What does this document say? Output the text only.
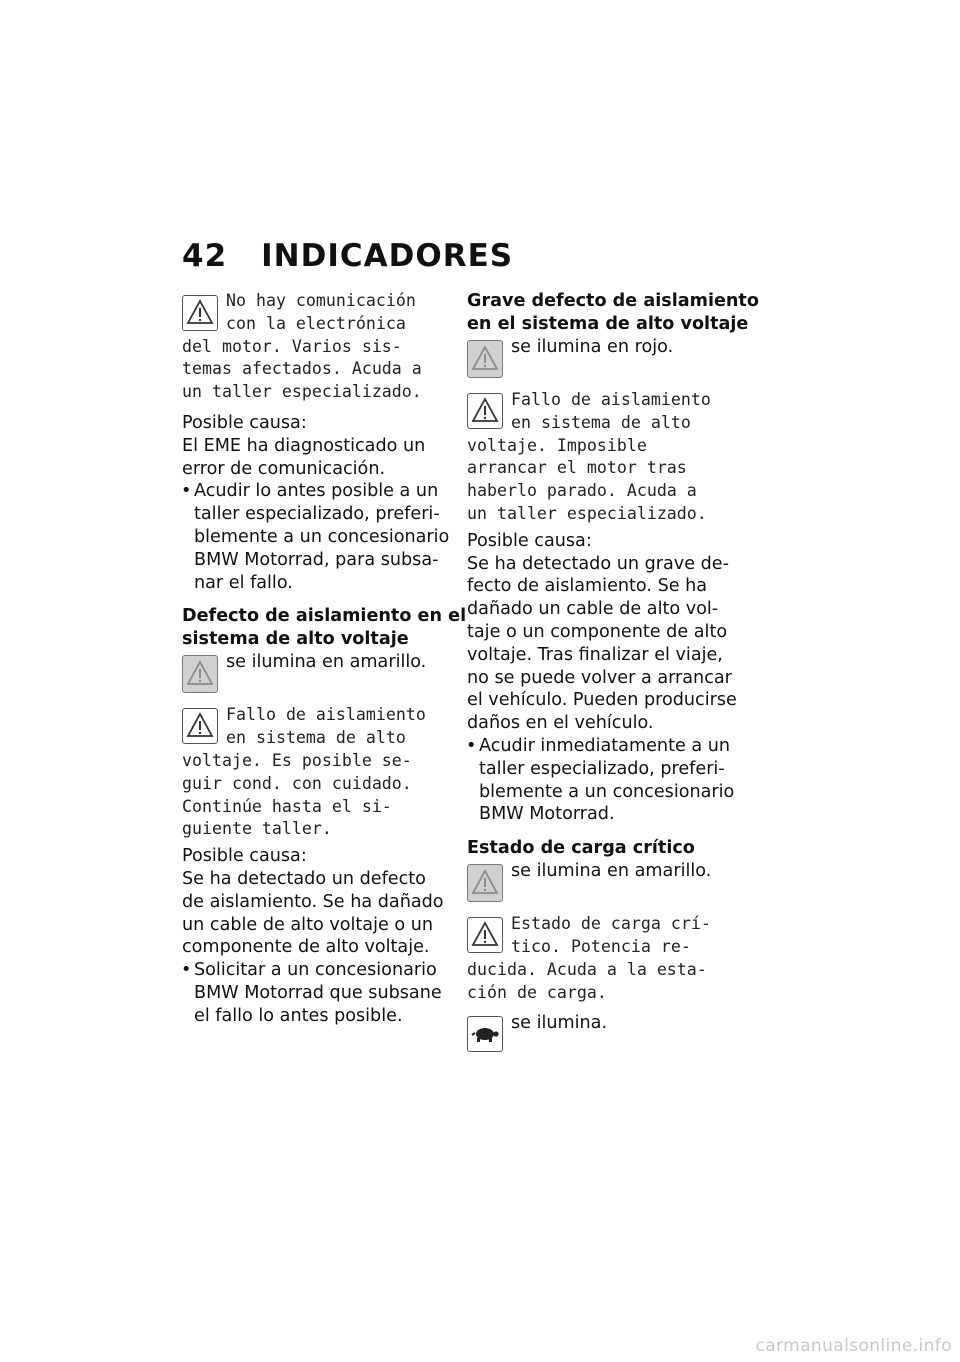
42 INDICADORES
No hay comunicación
con la electrónica
del motor. Varios sis-
temas afectados. Acuda a
un taller especializado.
Posible causa:
El EME ha diagnosticado un
error de comunicación.
• Acudir lo antes posible a un
taller especializado, preferi-
blemente a un concesionario
BMW Motorrad, para subsa-
nar el fallo.
Defecto de aislamiento en el
sistema de alto voltaje
se ilumina en amarillo.
Fallo de aislamiento
en sistema de alto
voltaje. Es posible se-
guir cond. con cuidado.
Continúe hasta el si-
guiente taller.
Posible causa:
Se ha detectado un defecto
de aislamiento. Se ha dañado
un cable de alto voltaje o un
componente de alto voltaje.
• Solicitar a un concesionario
BMW Motorrad que subsane
el fallo lo antes posible.
Grave defecto de aislamiento
en el sistema de alto voltaje
se ilumina en rojo.
Fallo de aislamiento
en sistema de alto
voltaje. Imposible
arrancar el motor tras
haberlo parado. Acuda a
un taller especializado.
Posible causa:
Se ha detectado un grave de-
fecto de aislamiento. Se ha
dañado un cable de alto vol-
taje o un componente de alto
voltaje. Tras finalizar el viaje,
no se puede volver a arrancar
el vehículo. Pueden producirse
daños en el vehículo.
• Acudir inmediatamente a un
taller especializado, preferi-
blemente a un concesionario
BMW Motorrad.
Estado de carga crítico
se ilumina en amarillo.
Estado de carga crí-
tico. Potencia re-
ducida. Acuda a la esta-
ción de carga.
se ilumina.
carmanualsonline.info
